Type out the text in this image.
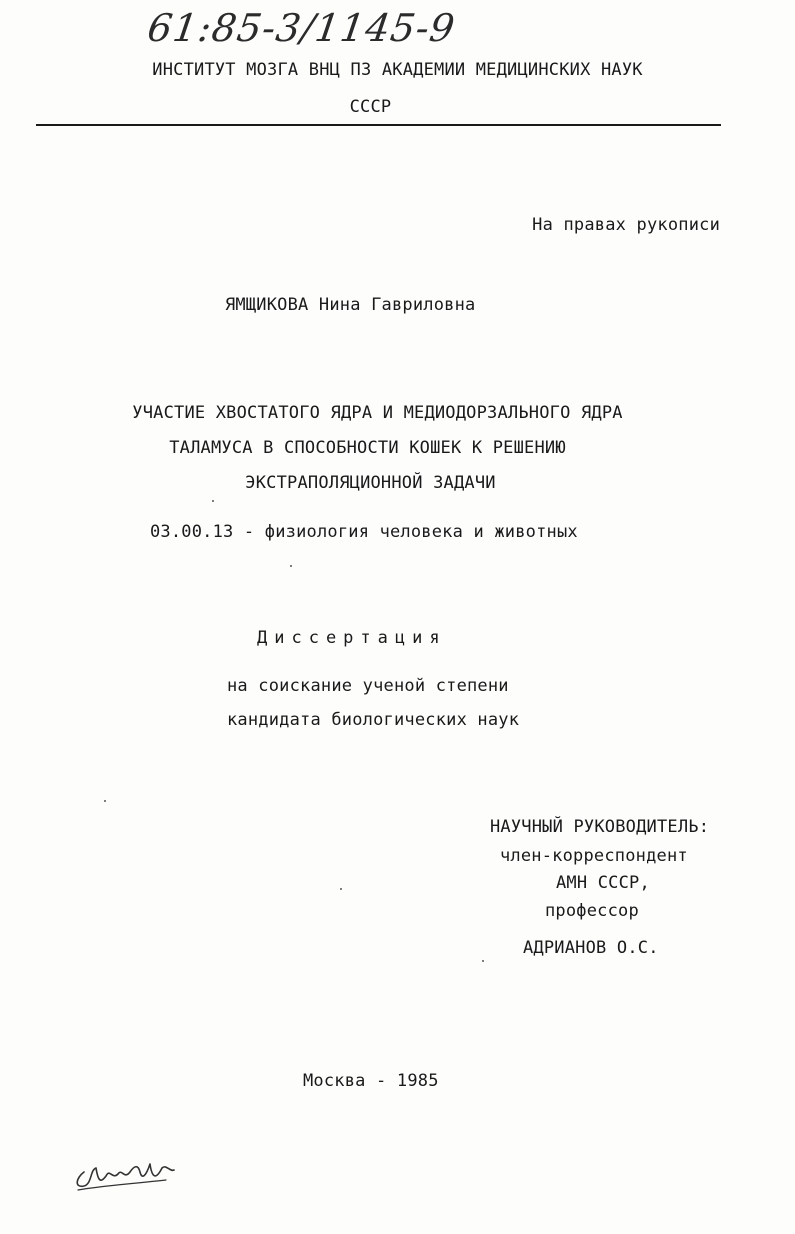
61:85-3/1145-9
ИНСТИТУТ МОЗГА ВНЦ ПЗ АКАДЕМИИ МЕДИЦИНСКИХ НАУК
СССР
На правах рукописи
ЯМЩИКОВА Нина Гавриловна
УЧАСТИЕ ХВОСТАТОГО ЯДРА И МЕДИОДОРЗАЛЬНОГО ЯДРА
ТАЛАМУСА В СПОСОБНОСТИ КОШЕК К РЕШЕНИЮ
ЭКСТРАПОЛЯЦИОННОЙ ЗАДАЧИ
03.00.13 - физиология человека и животных
Диссертация
на соискание ученой степени
кандидата биологических наук
НАУЧНЫЙ РУКОВОДИТЕЛЬ:
член-корреспондент
АМН СССР,
профессор
АДРИАНОВ О.С.
Москва - 1985
